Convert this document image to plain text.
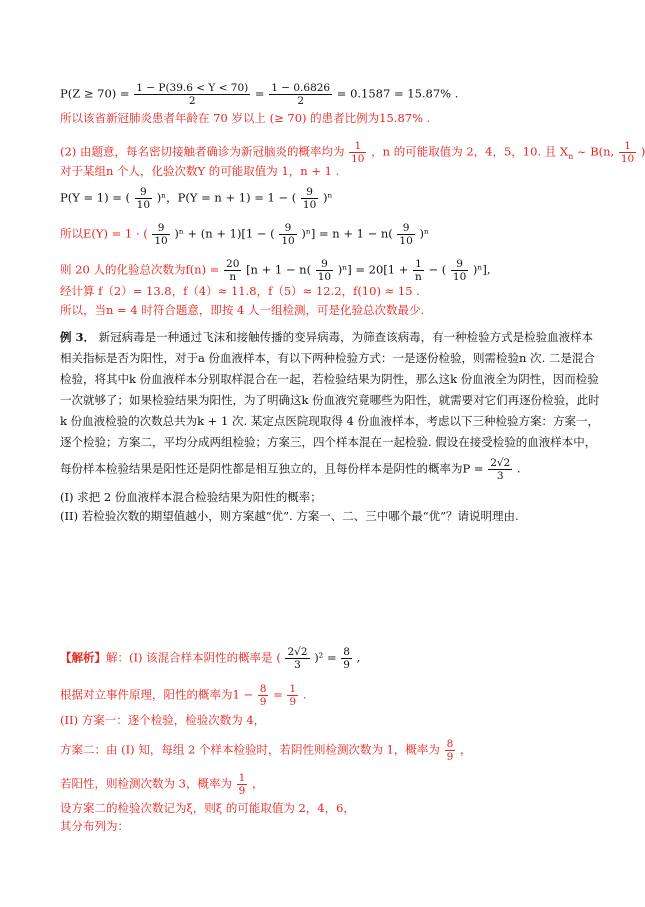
$P(Z \ge 70) = \frac{1 - P(39.6 < Y < 70)}{2} = \frac{1 - 0.6826}{2} = 0.1587 = 15.87\%$ .
所以该省新冠肺炎患者年龄在 70 岁以上 (≥ 70) 的患者比例为15.87% .
(2) 由题意，每名密切接触者确诊为新冠脑炎的概率均为 $\frac{1}{10}$ ，n 的可能取值为 2，4，5，10. 且 $X_n$ ~ B(n, $\frac{1}{10}$ )
对于某组n 个人，化验次数Y 的可能取值为 1，n + 1 .
P(Y = 1) = ( $\frac{9}{10} )^n$，P(Y = n + 1) = 1 − ( $\frac{9}{10} )^n$
所以E(Y) = 1 · ( $\frac{9}{10} )^n + (n + 1)[1$ − ( $\frac{9}{10} )^n] = n + 1 - n( \frac{9}{10} )^n$
则 20 人的化验总次数为$f(n) = \frac{20}{n} [n + 1 - n( \frac{9}{10} )^n] = 20[1 + \frac{1}{n}$ − ( $\frac{9}{10} )^n$],
经计算 f（2）= 13.8，f（4）≈ 11.8，f（5）≈ 12.2，f(10) ≈ 15 .
所以，当n = 4 时符合题意，即按 4 人一组检测，可是化验总次数最少.
例 3． 新冠病毒是一种通过飞沫和接触传播的变异病毒，为筛查该病毒，有一种检验方式是检验血液样本
相关指标是否为阳性，对于a 份血液样本，有以下两种检验方式：一是逐份检验，则需检验n 次. 二是混合
检验，将其中k 份血液样本分别取样混合在一起，若检验结果为阴性，那么这k 份血液全为阴性，因而检验
一次就够了；如果检验结果为阳性，为了明确这k 份血液究竟哪些为阳性，就需要对它们再逐份检验，此时
k 份血液检验的次数总共为k + 1 次. 某定点医院现取得 4 份血液样本，考虑以下三种检验方案：方案一，
逐个检验；方案二，平均分成两组检验；方案三，四个样本混在一起检验. 假设在接受检验的血液样本中，
每份样本检验结果是阳性还是阴性都是相互独立的，且每份样本是阴性的概率为$P = \frac{2√2}{3}$ .
(I) 求把 2 份血液样本混合检验结果为阳性的概率；
(II) 若检验次数的期望值越小，则方案越“优”. 方案一、二、三中哪个最“优”？请说明理由.
【解析】解：(I) 该混合样本阴性的概率是 ( $\frac{2√2}{3} )^2 = \frac{8}{9}$ ,
根据对立事件原理，阳性的概率为$1 - \frac{8}{9} = \frac{1}{9}$ .
(II) 方案一：逐个检验，检验次数为 4，
方案二：由 (I) 知，每组 2 个样本检验时，若阴性则检测次数为 1，概率为 $\frac{8}{9}$ ，
若阳性，则检测次数为 3，概率为 $\frac{1}{9}$ ，
设方案二的检验次数记为ξ，则ξ 的可能取值为 2，4，6，
其分布列为：
